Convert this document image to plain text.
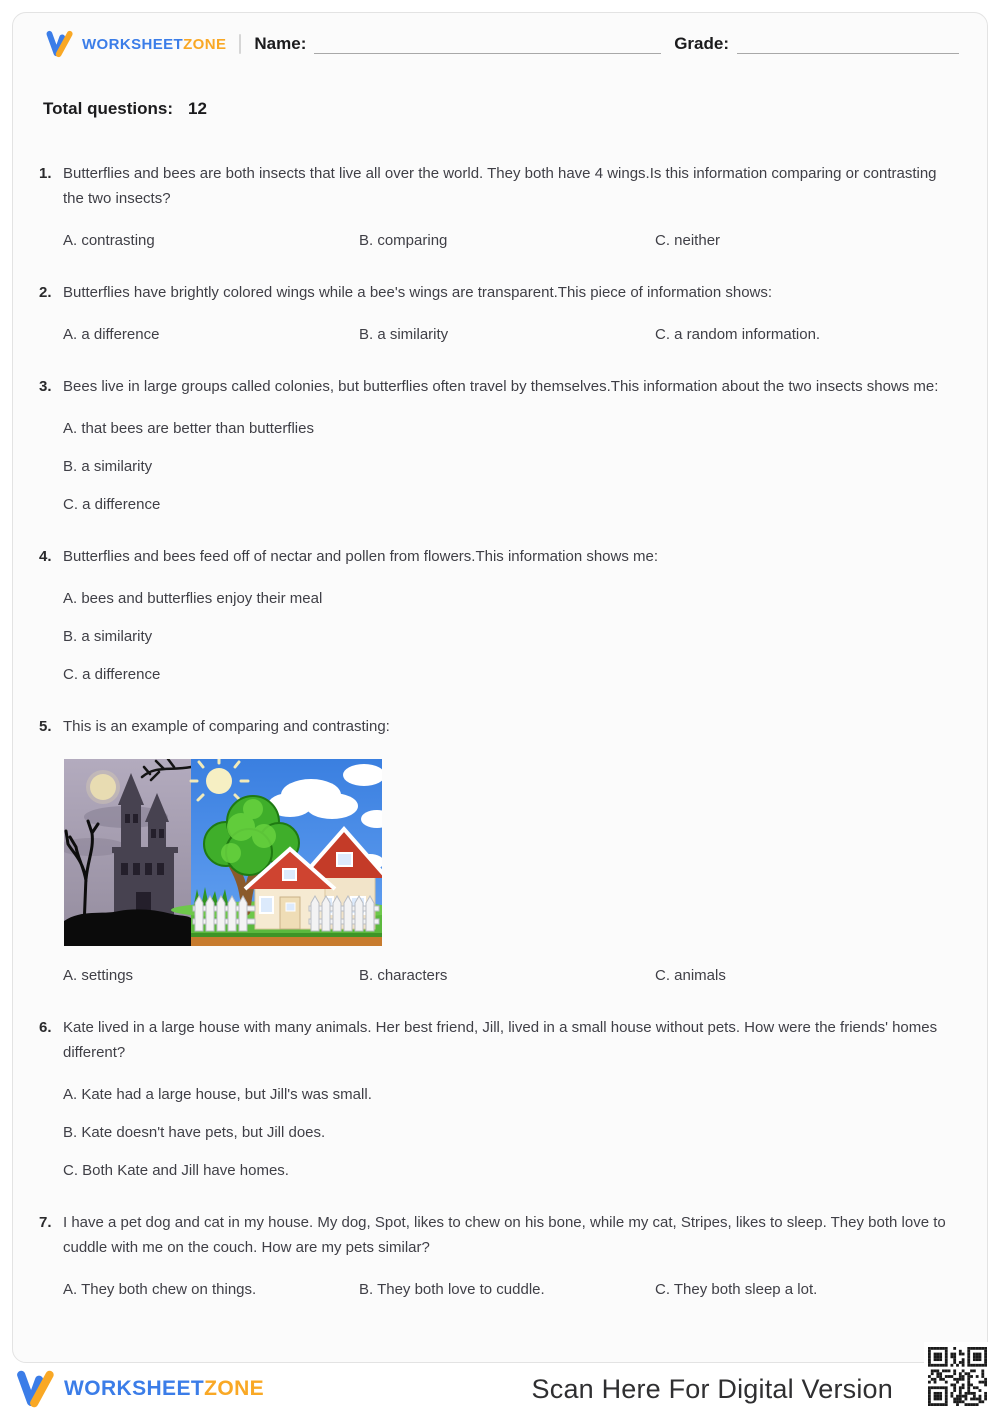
WORKSHEETZONE Name:	Grade:
Total questions: 12
1. Butterflies and bees are both insects that live all over the world. They both have 4 wings.Is this information comparing or contrasting the two insects?
A. contrasting	B. comparing	C. neither
2. Butterflies have brightly colored wings while a bee's wings are transparent.This piece of information shows:
A. a difference	B. a similarity	C. a random information.
3. Bees live in large groups called colonies, but butterflies often travel by themselves.This information about the two insects shows me:
A. that bees are better than butterflies
B. a similarity
C. a difference
4. Butterflies and bees feed off of nectar and pollen from flowers.This information shows me:
A. bees and butterflies enjoy their meal
B. a similarity
C. a difference
5. This is an example of comparing and contrasting:
A. settings	B. characters	C. animals
6. Kate lived in a large house with many animals. Her best friend, Jill, lived in a small house without pets. How were the friends' homes different?
A. Kate had a large house, but Jill's was small.
B. Kate doesn't have pets, but Jill does.
C. Both Kate and Jill have homes.
7. I have a pet dog and cat in my house. My dog, Spot, likes to chew on his bone, while my cat, Stripes, likes to sleep. They both love to cuddle with me on the couch. How are my pets similar?
A. They both chew on things.	B. They both love to cuddle.	C. They both sleep a lot.
WORKSHEETZONE	Scan Here For Digital Version
